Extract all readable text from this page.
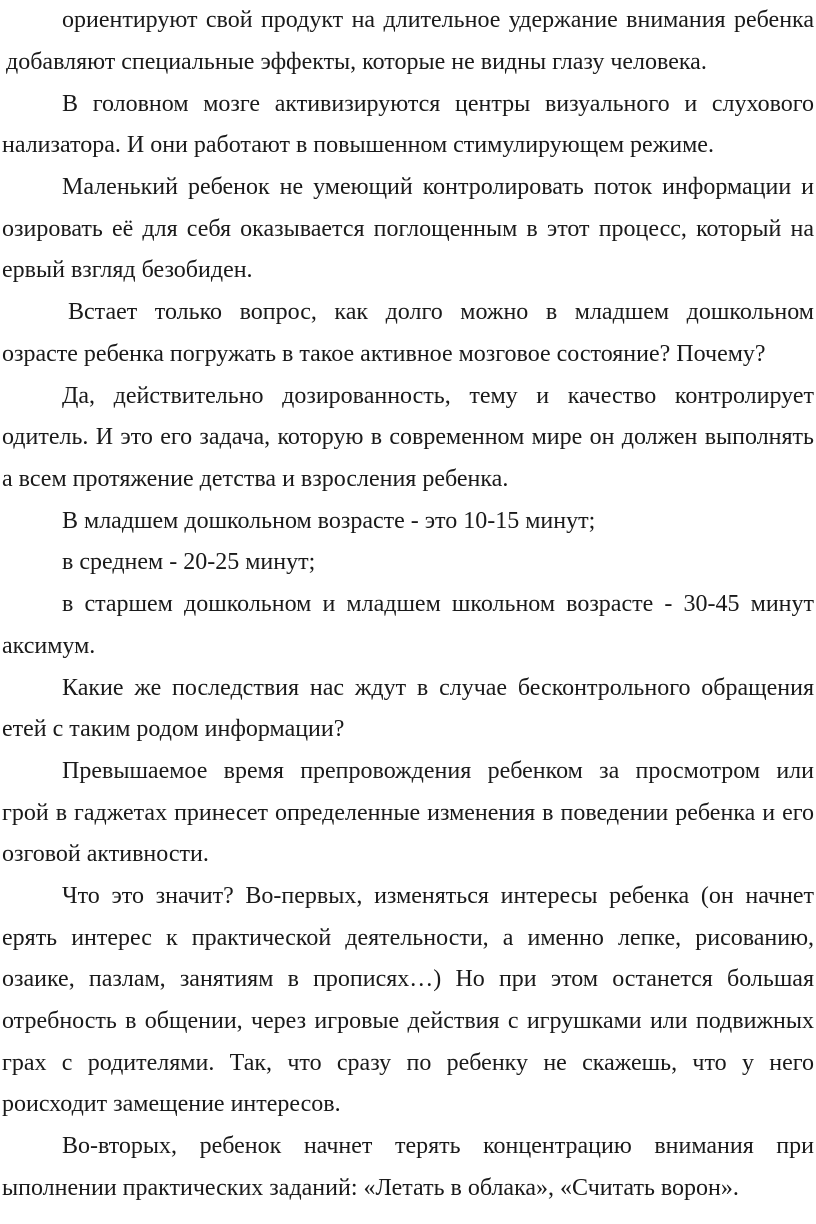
ориентируют свой продукт на длительное удержание внимания ребенка
добавляют специальные эффекты, которые не видны глазу человека.
В головном мозге активизируются центры визуального и слухового
нализатора. И они работают в повышенном стимулирующем режиме.
Маленький ребенок не умеющий контролировать поток информации и
озировать её для себя оказывается поглощенным в этот процесс, который на
ервый взгляд безобиден.
Встает только вопрос, как долго можно в младшем дошкольном
озрасте ребенка погружать в такое активное мозговое состояние? Почему?
Да, действительно дозированность, тему и качество контролирует
одитель. И это его задача, которую в современном мире он должен выполнять
а всем протяжение детства и взросления ребенка.
В младшем дошкольном возрасте - это 10-15 минут;
в среднем - 20-25 минут;
в старшем дошкольном и младшем школьном возрасте - 30-45 минут
аксимум.
Какие же последствия нас ждут в случае бесконтрольного обращения
етей с таким родом информации?
Превышаемое время препровождения ребенком за просмотром или
грой в гаджетах принесет определенные изменения в поведении ребенка и его
озговой активности.
Что это значит? Во-первых, изменяться интересы ребенка (он начнет
ерять интерес к практической деятельности, а именно лепке, рисованию,
озаике, пазлам, занятиям в прописях…) Но при этом останется большая
отребность в общении, через игровые действия с игрушками или подвижных
грах с родителями. Так, что сразу по ребенку не скажешь, что у него
роисходит замещение интересов.
Во-вторых, ребенок начнет терять концентрацию внимания при
ыполнении практических заданий: «Летать в облака», «Считать ворон».
